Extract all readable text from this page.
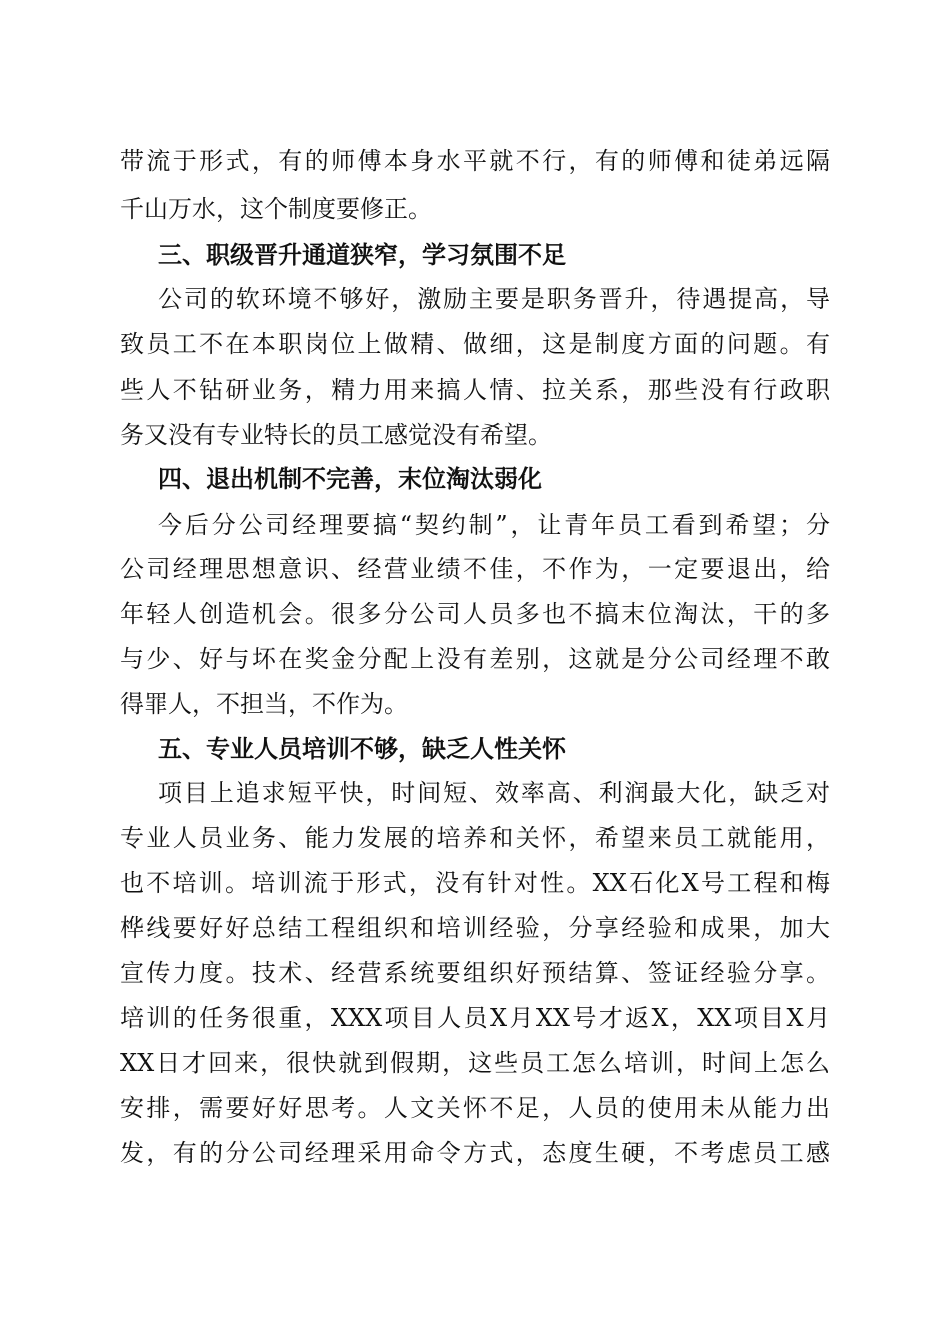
带流于形式，有的师傅本身水平就不行，有的师傅和徒弟远隔
千山万水，这个制度要修正。
三、职级晋升通道狭窄，学习氛围不足
公司的软环境不够好，激励主要是职务晋升，待遇提高，导
致员工不在本职岗位上做精、做细，这是制度方面的问题。有
些人不钻研业务，精力用来搞人情、拉关系，那些没有行政职
务又没有专业特长的员工感觉没有希望。
四、退出机制不完善，末位淘汰弱化
今后分公司经理要搞“契约制”，让青年员工看到希望；分
公司经理思想意识、经营业绩不佳，不作为，一定要退出，给
年轻人创造机会。很多分公司人员多也不搞末位淘汰，干的多
与少、好与坏在奖金分配上没有差别，这就是分公司经理不敢
得罪人，不担当，不作为。
五、专业人员培训不够，缺乏人性关怀
项目上追求短平快，时间短、效率高、利润最大化，缺乏对
专业人员业务、能力发展的培养和关怀，希望来员工就能用，
也不培训。培训流于形式，没有针对性。XX石化X号工程和梅
桦线要好好总结工程组织和培训经验，分享经验和成果，加大
宣传力度。技术、经营系统要组织好预结算、签证经验分享。
培训的任务很重，XXX项目人员X月XX号才返X，XX项目X月
XX日才回来，很快就到假期，这些员工怎么培训，时间上怎么
安排，需要好好思考。人文关怀不足，人员的使用未从能力出
发，有的分公司经理采用命令方式，态度生硬，不考虑员工感
